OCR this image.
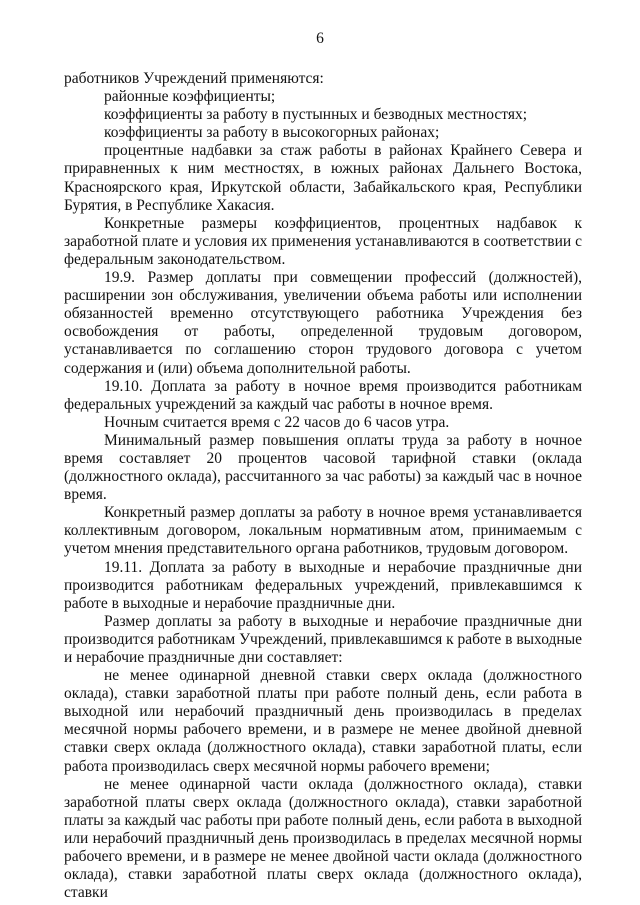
6

работников Учреждений применяются:

районные коэффициенты;

коэффициенты за работу в пустынных и безводных местностях;

коэффициенты за работу в высокогорных районах;

процентные надбавки за стаж работы в районах Крайнего Севера и приравненных к ним местностях, в южных районах Дальнего Востока, Красноярского края, Иркутской области, Забайкальского края, Республики Бурятия, в Республике Хакасия.

Конкретные размеры коэффициентов, процентных надбавок к заработной плате и условия их применения устанавливаются в соответствии с федеральным законодательством.

19.9. Размер доплаты при совмещении профессий (должностей), расширении зон обслуживания, увеличении объема работы или исполнении обязанностей временно отсутствующего работника Учреждения без освобождения от работы, определенной трудовым договором, устанавливается по соглашению сторон трудового договора с учетом содержания и (или) объема дополнительной работы.

19.10. Доплата за работу в ночное время производится работникам федеральных учреждений за каждый час работы в ночное время.

Ночным считается время с 22 часов до 6 часов утра.

Минимальный размер повышения оплаты труда за работу в ночное время составляет 20 процентов часовой тарифной ставки (оклада (должностного оклада), рассчитанного за час работы) за каждый час в ночное время.

Конкретный размер доплаты за работу в ночное время устанавливается коллективным договором, локальным нормативным атом, принимаемым с учетом мнения представительного органа работников, трудовым договором.

19.11. Доплата за работу в выходные и нерабочие праздничные дни производится работникам федеральных учреждений, привлекавшимся к работе в выходные и нерабочие праздничные дни.

Размер доплаты за работу в выходные и нерабочие праздничные дни производится работникам Учреждений, привлекавшимся к работе в выходные и нерабочие праздничные дни составляет:

не менее одинарной дневной ставки сверх оклада (должностного оклада), ставки заработной платы при работе полный день, если работа в выходной или нерабочий праздничный день производилась в пределах месячной нормы рабочего времени, и в размере не менее двойной дневной ставки сверх оклада (должностного оклада), ставки заработной платы, если работа производилась сверх месячной нормы рабочего времени;

не менее одинарной части оклада (должностного оклада), ставки заработной платы сверх оклада (должностного оклада), ставки заработной платы за каждый час работы при работе полный день, если работа в выходной или нерабочий праздничный день производилась в пределах месячной нормы рабочего времени, и в размере не менее двойной части оклада (должностного оклада), ставки заработной платы сверх оклада (должностного оклада), ставки
